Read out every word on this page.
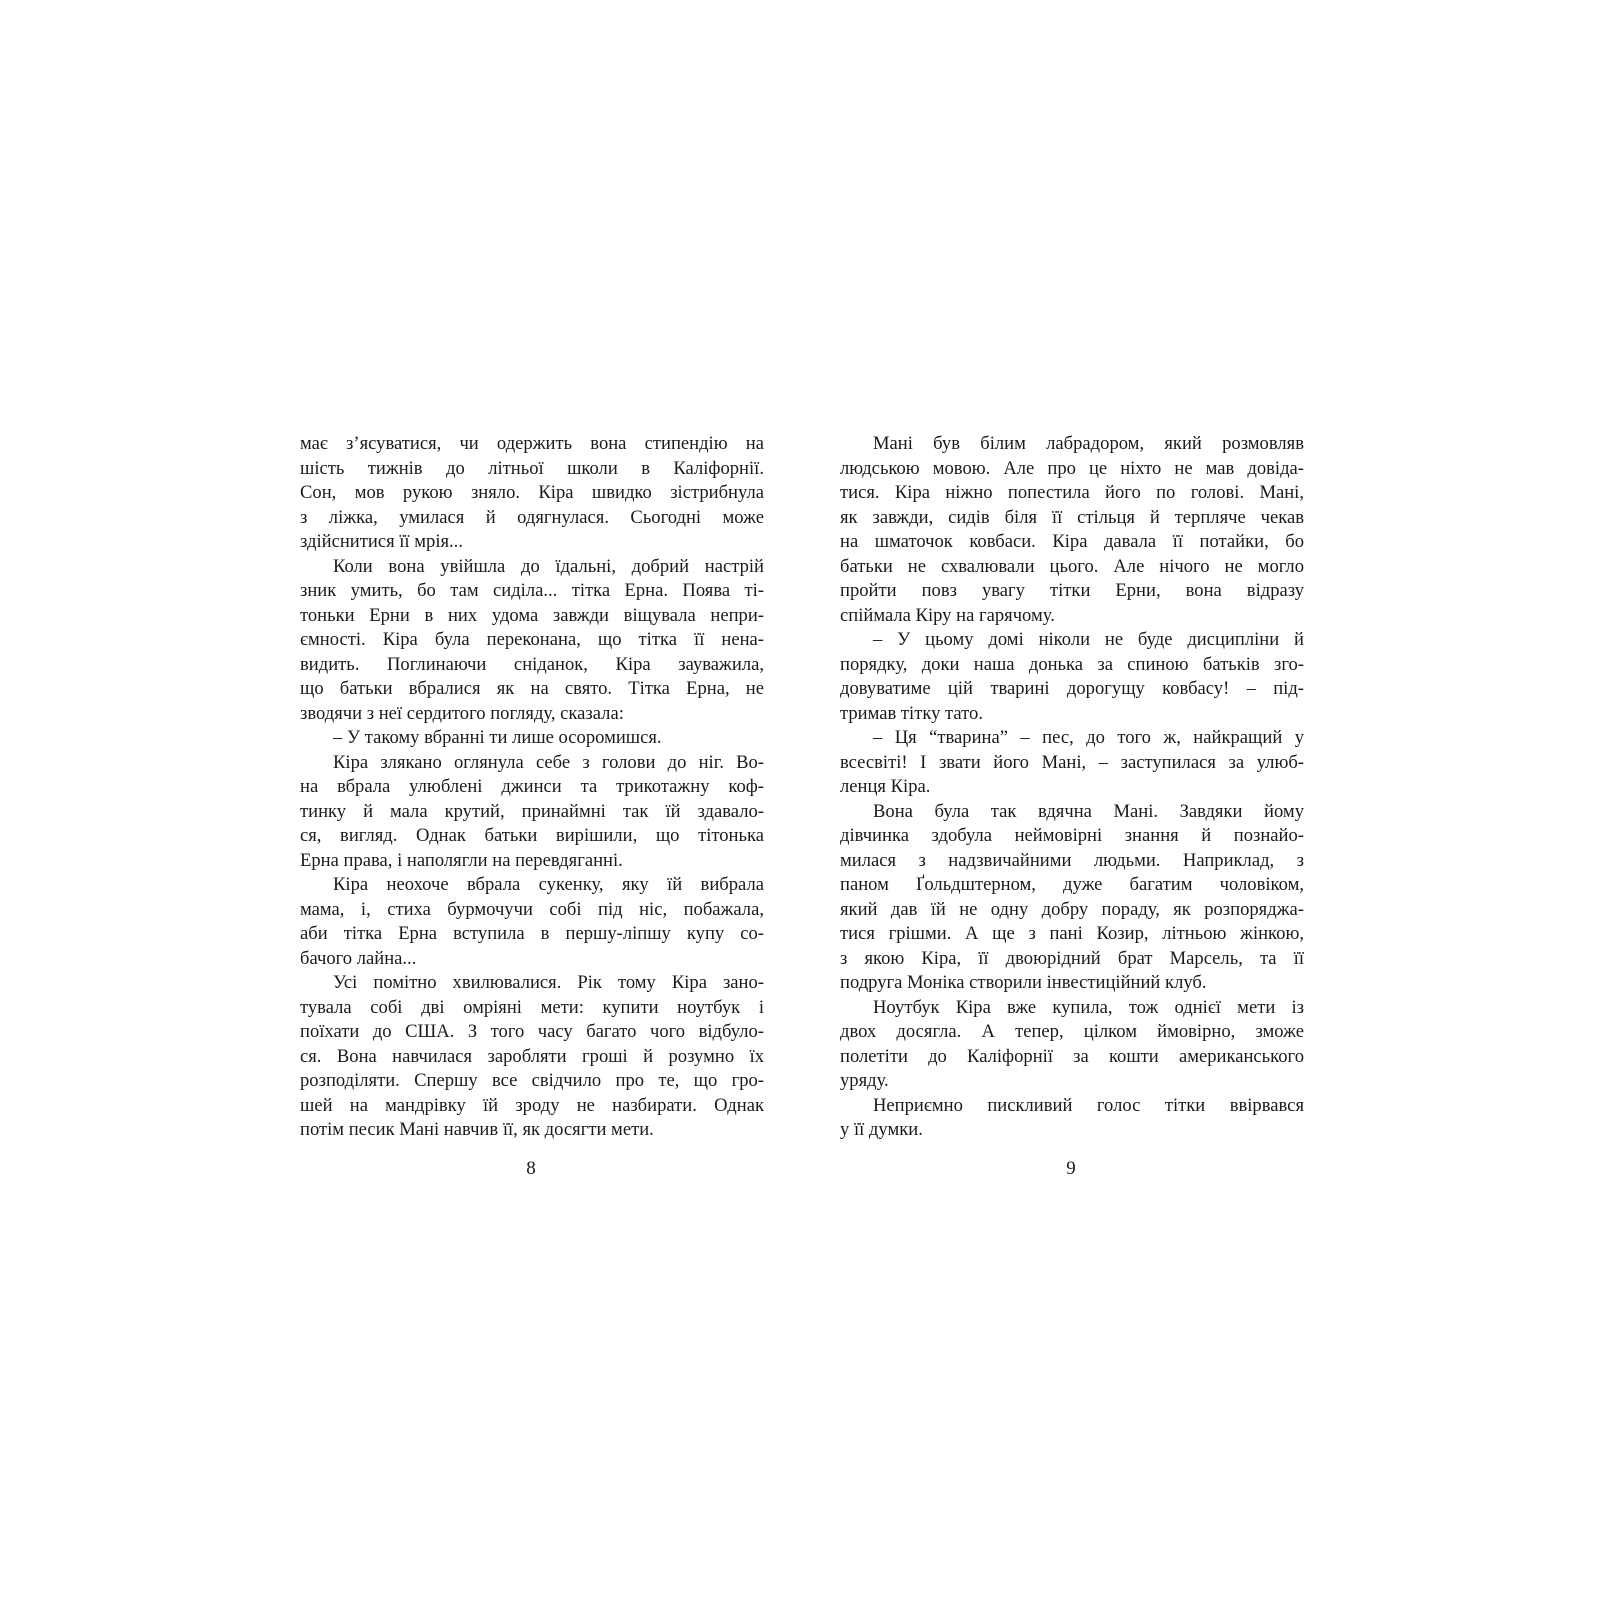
має з’ясуватися, чи одержить вона стипендію на
шість тижнів до літньої школи в Каліфорнії.
Сон, мов рукою зняло. Кіра швидко зістрибнула
з ліжка, умилася й одягнулася. Сьогодні може
здійснитися її мрія...
Коли вона увійшла до їдальні, добрий настрій
зник умить, бо там сиділа... тітка Ерна. Поява ті-
тоньки Ерни в них удома завжди віщувала непри-
ємності. Кіра була переконана, що тітка її нена-
видить. Поглинаючи сніданок, Кіра зауважила,
що батьки вбралися як на свято. Тітка Ерна, не
зводячи з неї сердитого погляду, сказала:
– У такому вбранні ти лише осоромишся.
Кіра злякано оглянула себе з голови до ніг. Во-
на вбрала улюблені джинси та трикотажну коф-
тинку й мала крутий, принаймні так їй здавало-
ся, вигляд. Однак батьки вирішили, що тітонька
Ерна права, і наполягли на перевдяганні.
Кіра неохоче вбрала сукенку, яку їй вибрала
мама, і, стиха бурмочучи собі під ніс, побажала,
аби тітка Ерна вступила в першу-ліпшу купу со-
бачого лайна...
Усі помітно хвилювалися. Рік тому Кіра зано-
тувала собі дві омріяні мети: купити ноутбук і
поїхати до США. З того часу багато чого відбуло-
ся. Вона навчилася заробляти гроші й розумно їх
розподіляти. Спершу все свідчило про те, що гро-
шей на мандрівку їй зроду не назбирати. Однак
потім песик Мані навчив її, як досягти мети.
Мані був білим лабрадором, який розмовляв
людською мовою. Але про це ніхто не мав довіда-
тися. Кіра ніжно попестила його по голові. Мані,
як завжди, сидів біля її стільця й терпляче чекав
на шматочок ковбаси. Кіра давала її потайки, бо
батьки не схвалювали цього. Але нічого не могло
пройти повз увагу тітки Ерни, вона відразу
спіймала Кіру на гарячому.
– У цьому домі ніколи не буде дисципліни й
порядку, доки наша донька за спиною батьків зго-
довуватиме цій тварині дорогущу ковбасу! – під-
тримав тітку тато.
– Ця “тварина” – пес, до того ж, найкращий у
всесвіті! І звати його Мані, – заступилася за улюб-
ленця Кіра.
Вона була так вдячна Мані. Завдяки йому
дівчинка здобула неймовірні знання й познайо-
милася з надзвичайними людьми. Наприклад, з
паном Ґольдштерном, дуже багатим чоловіком,
який дав їй не одну добру пораду, як розпоряджа-
тися грішми. А ще з пані Козир, літньою жінкою,
з якою Кіра, її двоюрідний брат Марсель, та її
подруга Моніка створили інвестиційний клуб.
Ноутбук Кіра вже купила, тож однієї мети із
двох досягла. А тепер, цілком ймовірно, зможе
полетіти до Каліфорнії за кошти американського
уряду.
Неприємно пискливий голос тітки ввірвався
у її думки.
8	9
